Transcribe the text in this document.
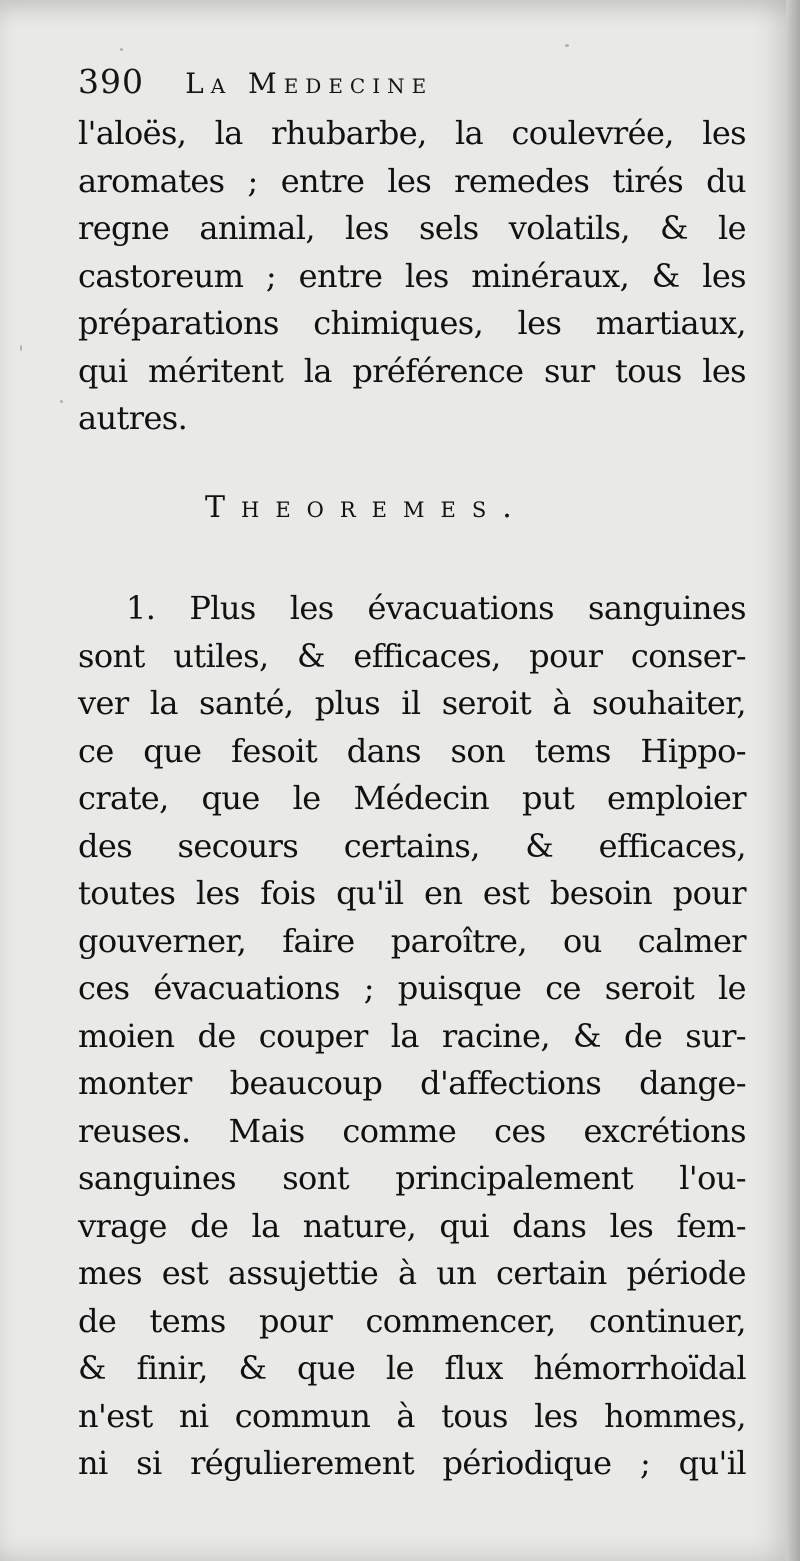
390 La Medecine
l'aloës, la rhubarbe, la coulevrée, les
aromates ; entre les remedes tirés du
regne animal, les sels volatils, & le
castoreum ; entre les minéraux, & les
préparations chimiques, les martiaux,
qui méritent la préférence sur tous les
autres.
Theoremes.
1. Plus les évacuations sanguines
sont utiles, & efficaces, pour conser-
ver la santé, plus il seroit à souhaiter,
ce que fesoit dans son tems Hippo-
crate, que le Médecin put emploier
des secours certains, & efficaces,
toutes les fois qu'il en est besoin pour
gouverner, faire paroître, ou calmer
ces évacuations ; puisque ce seroit le
moien de couper la racine, & de sur-
monter beaucoup d'affections dange-
reuses. Mais comme ces excrétions
sanguines sont principalement l'ou-
vrage de la nature, qui dans les fem-
mes est assujettie à un certain période
de tems pour commencer, continuer,
& finir, & que le flux hémorrhoïdal
n'est ni commun à tous les hommes,
ni si régulierement périodique ; qu'il
